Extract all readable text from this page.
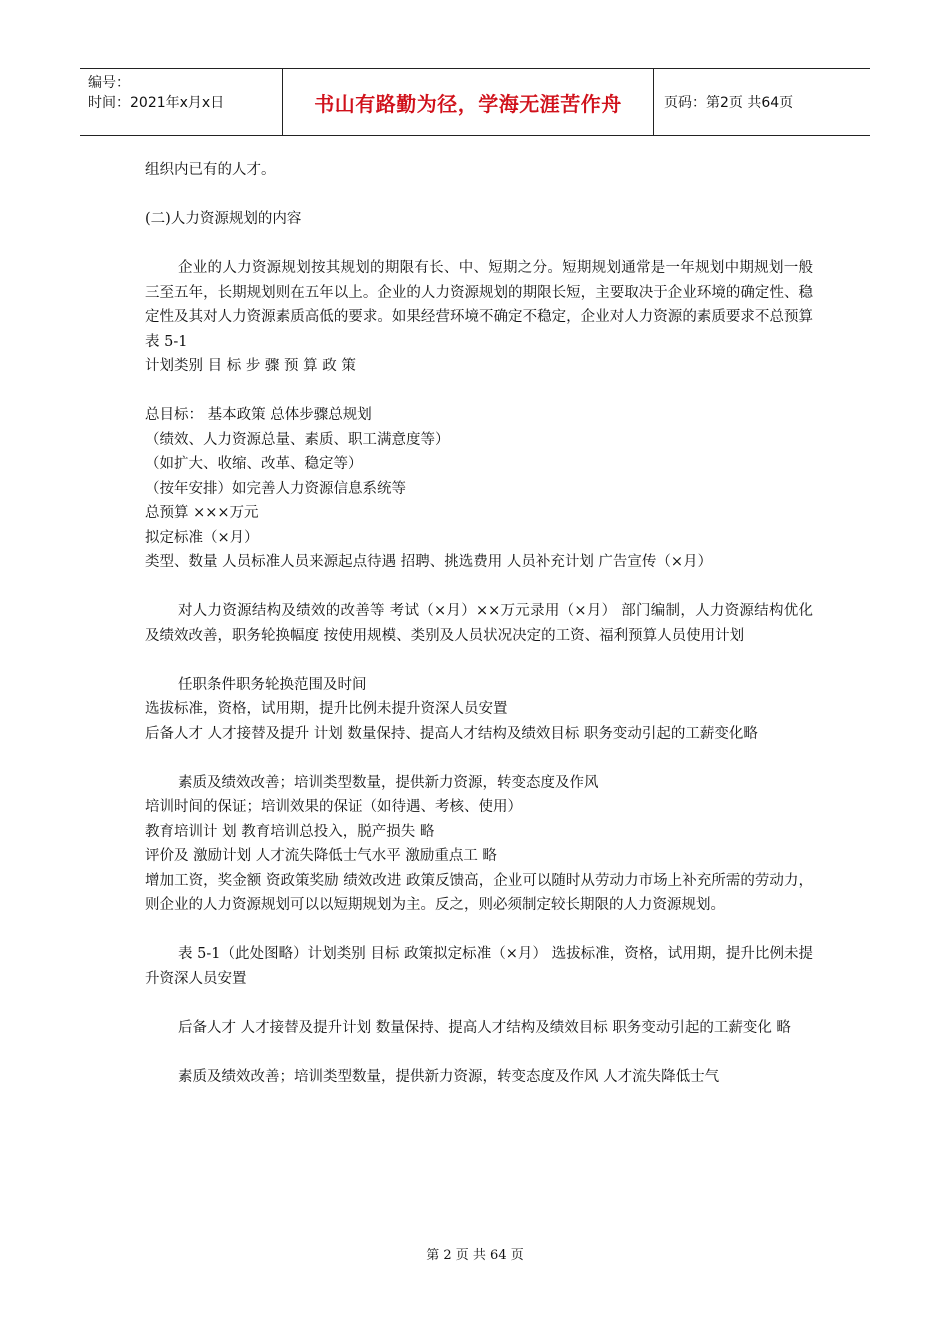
编号：
时间：2021年x月x日	书山有路勤为径，学海无涯苦作舟	页码：第2页 共64页

组织内已有的人才。

(二)人力资源规划的内容

企业的人力资源规划按其规划的期限有长、中、短期之分。短期规划通常是一年规划中期规划一般三至五年，长期规划则在五年以上。企业的人力资源规划的期限长短，主要取决于企业环境的确定性、稳定性及其对人力资源素质高低的要求。如果经营环境不确定不稳定，企业对人力资源的素质要求不总预算表 5-1

计划类别 目 标 步 骤 预 算 政 策

总目标： 基本政策 总体步骤总规划

（绩效、人力资源总量、素质、职工满意度等）

（如扩大、收缩、改革、稳定等）

（按年安排）如完善人力资源信息系统等

总预算 ×××万元

拟定标准（×月）

类型、数量 人员标准人员来源起点待遇 招聘、挑选费用 人员补充计划 广告宣传（×月）

对人力资源结构及绩效的改善等 考试（×月）××万元录用（×月） 部门编制，人力资源结构优化及绩效改善，职务轮换幅度 按使用规模、类别及人员状况决定的工资、福利预算人员使用计划

任职条件职务轮换范围及时间

选拔标准，资格，试用期，提升比例未提升资深人员安置

后备人才 人才接替及提升 计划 数量保持、提高人才结构及绩效目标 职务变动引起的工薪变化略

素质及绩效改善；培训类型数量，提供新力资源，转变态度及作风

培训时间的保证；培训效果的保证（如待遇、考核、使用）

教育培训计 划 教育培训总投入，脱产损失 略

评价及 激励计划 人才流失降低士气水平 激励重点工 略

增加工资，奖金额 资政策奖励 绩效改进 政策反馈高，企业可以随时从劳动力市场上补充所需的劳动力，则企业的人力资源规划可以以短期规划为主。反之，则必须制定较长期限的人力资源规划。

表 5-1（此处图略）计划类别 目标 政策拟定标准（×月） 选拔标准，资格，试用期，提升比例未提升资深人员安置

后备人才 人才接替及提升计划 数量保持、提高人才结构及绩效目标 职务变动引起的工薪变化 略

素质及绩效改善；培训类型数量，提供新力资源，转变态度及作风 人才流失降低士气

第 2 页 共 64 页
